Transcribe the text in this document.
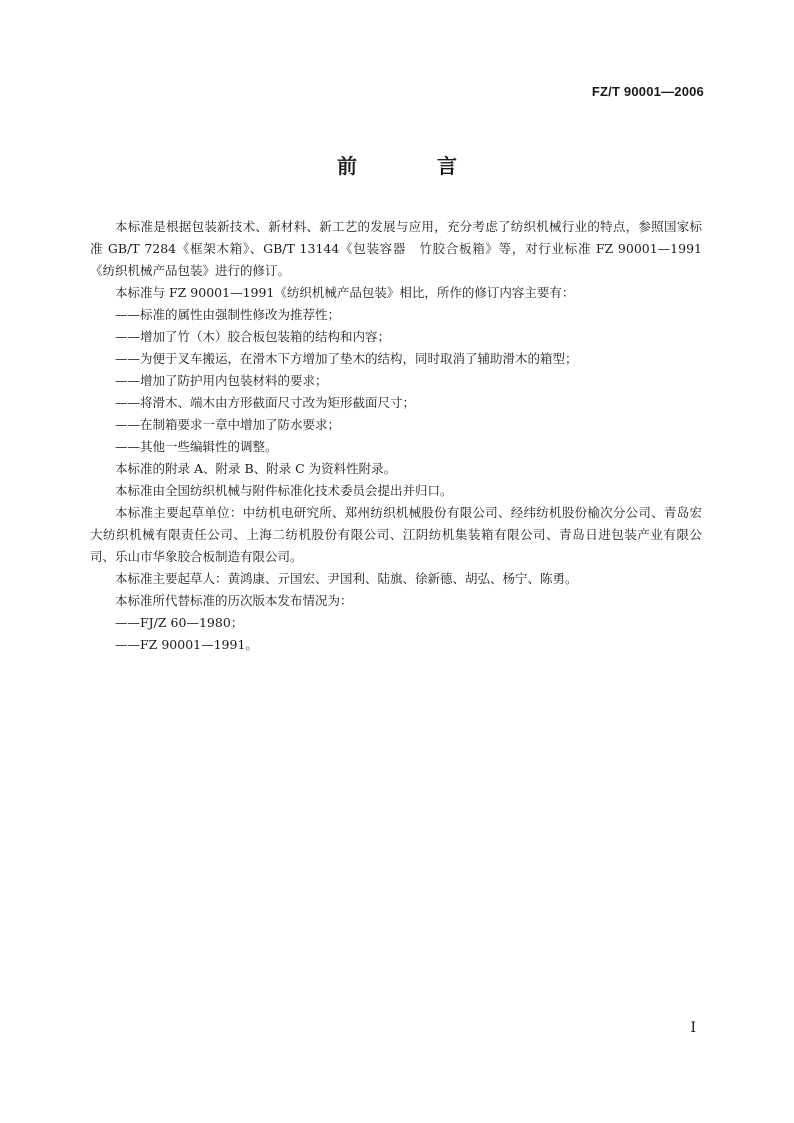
FZ/T 90001—2006
前　言

本标准是根据包装新技术、新材料、新工艺的发展与应用，充分考虑了纺织机械行业的特点，参照国家标准 GB/T 7284《框架木箱》、GB/T 13144《包装容器　竹胶合板箱》等，对行业标准 FZ 90001—1991《纺织机械产品包装》进行的修订。

本标准与 FZ 90001—1991《纺织机械产品包装》相比，所作的修订内容主要有：

——标准的属性由强制性修改为推荐性；

——增加了竹（木）胶合板包装箱的结构和内容；

——为便于叉车搬运，在滑木下方增加了垫木的结构，同时取消了辅助滑木的箱型；

——增加了防护用内包装材料的要求；

——将滑木、端木由方形截面尺寸改为矩形截面尺寸；

——在制箱要求一章中增加了防水要求；

——其他一些编辑性的调整。

本标准的附录 A、附录 B、附录 C 为资料性附录。

本标准由全国纺织机械与附件标准化技术委员会提出并归口。

本标准主要起草单位：中纺机电研究所、郑州纺织机械股份有限公司、经纬纺机股份榆次分公司、青岛宏大纺织机械有限责任公司、上海二纺机股份有限公司、江阴纺机集装箱有限公司、青岛日进包装产业有限公司、乐山市华象胶合板制造有限公司。

本标准主要起草人：黄鸿康、亓国宏、尹国利、陆旗、徐新德、胡弘、杨宁、陈勇。

本标准所代替标准的历次版本发布情况为：

——FJ/Z 60—1980；

——FZ 90001—1991。

I
